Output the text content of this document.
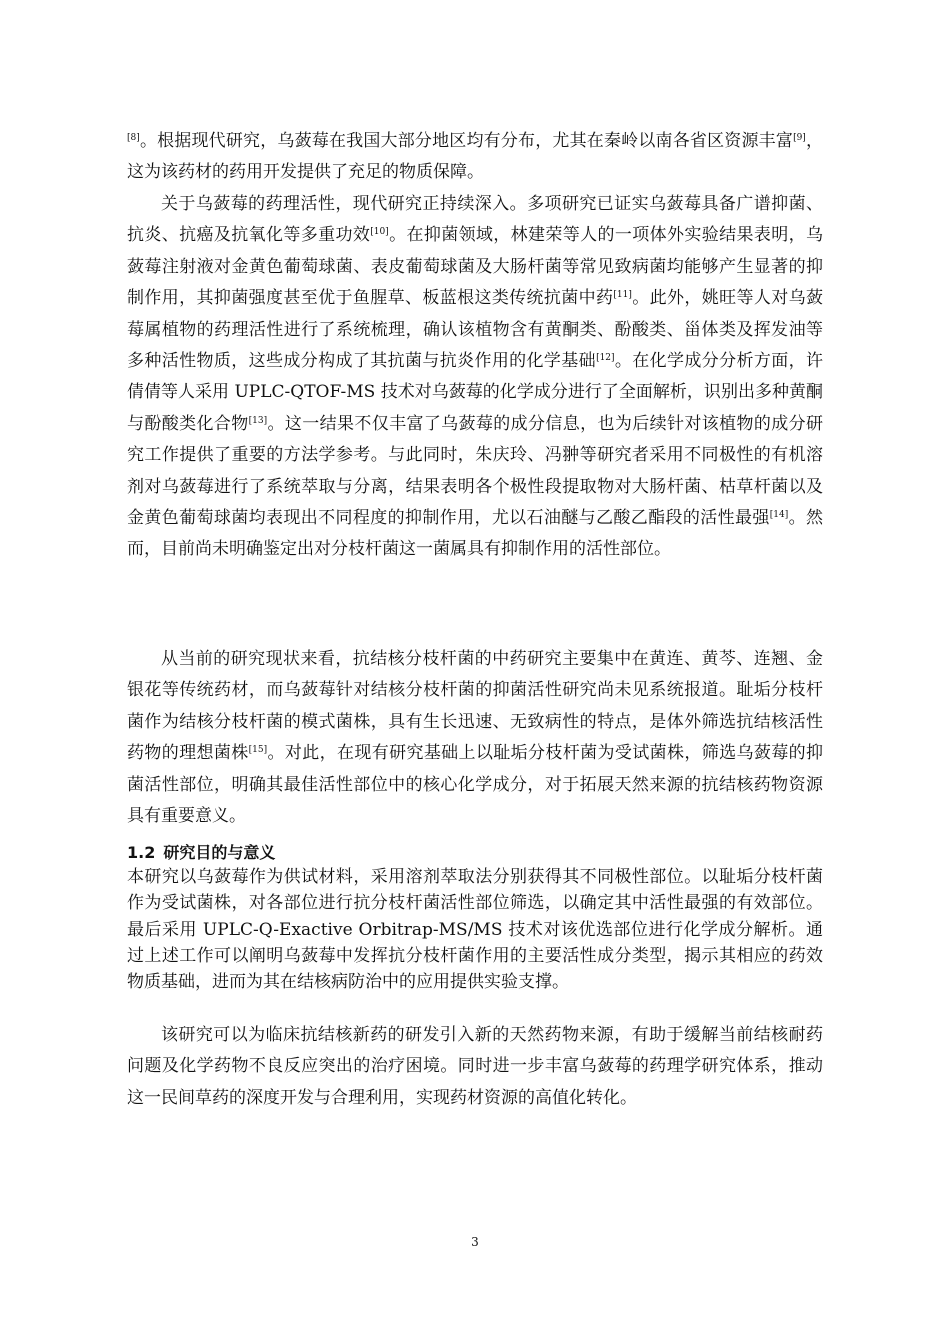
[8]。根据现代研究，乌蔹莓在我国大部分地区均有分布，尤其在秦岭以南各省区资源丰富[9]，这为该药材的药用开发提供了充足的物质保障。

关于乌蔹莓的药理活性，现代研究正持续深入。多项研究已证实乌蔹莓具备广谱抑菌、抗炎、抗癌及抗氧化等多重功效[10]。在抑菌领域，林建荣等人的一项体外实验结果表明，乌蔹莓注射液对金黄色葡萄球菌、表皮葡萄球菌及大肠杆菌等常见致病菌均能够产生显著的抑制作用，其抑菌强度甚至优于鱼腥草、板蓝根这类传统抗菌中药[11]。此外，姚旺等人对乌蔹莓属植物的药理活性进行了系统梳理，确认该植物含有黄酮类、酚酸类、甾体类及挥发油等多种活性物质，这些成分构成了其抗菌与抗炎作用的化学基础[12]。在化学成分分析方面，许倩倩等人采用 UPLC-QTOF-MS 技术对乌蔹莓的化学成分进行了全面解析，识别出多种黄酮与酚酸类化合物[13]。这一结果不仅丰富了乌蔹莓的成分信息，也为后续针对该植物的成分研究工作提供了重要的方法学参考。与此同时，朱庆玲、冯翀等研究者采用不同极性的有机溶剂对乌蔹莓进行了系统萃取与分离，结果表明各个极性段提取物对大肠杆菌、枯草杆菌以及金黄色葡萄球菌均表现出不同程度的抑制作用，尤以石油醚与乙酸乙酯段的活性最强[14]。然而，目前尚未明确鉴定出对分枝杆菌这一菌属具有抑制作用的活性部位。

从当前的研究现状来看，抗结核分枝杆菌的中药研究主要集中在黄连、黄芩、连翘、金银花等传统药材，而乌蔹莓针对结核分枝杆菌的抑菌活性研究尚未见系统报道。耻垢分枝杆菌作为结核分枝杆菌的模式菌株，具有生长迅速、无致病性的特点，是体外筛选抗结核活性药物的理想菌株[15]。对此，在现有研究基础上以耻垢分枝杆菌为受试菌株，筛选乌蔹莓的抑菌活性部位，明确其最佳活性部位中的核心化学成分，对于拓展天然来源的抗结核药物资源具有重要意义。

1.2 研究目的与意义

本研究以乌蔹莓作为供试材料，采用溶剂萃取法分别获得其不同极性部位。以耻垢分枝杆菌作为受试菌株，对各部位进行抗分枝杆菌活性部位筛选，以确定其中活性最强的有效部位。最后采用 UPLC-Q-Exactive Orbitrap-MS/MS 技术对该优选部位进行化学成分解析。通过上述工作可以阐明乌蔹莓中发挥抗分枝杆菌作用的主要活性成分类型，揭示其相应的药效物质基础，进而为其在结核病防治中的应用提供实验支撑。

该研究可以为临床抗结核新药的研发引入新的天然药物来源，有助于缓解当前结核耐药问题及化学药物不良反应突出的治疗困境。同时进一步丰富乌蔹莓的药理学研究体系，推动这一民间草药的深度开发与合理利用，实现药材资源的高值化转化。

3
